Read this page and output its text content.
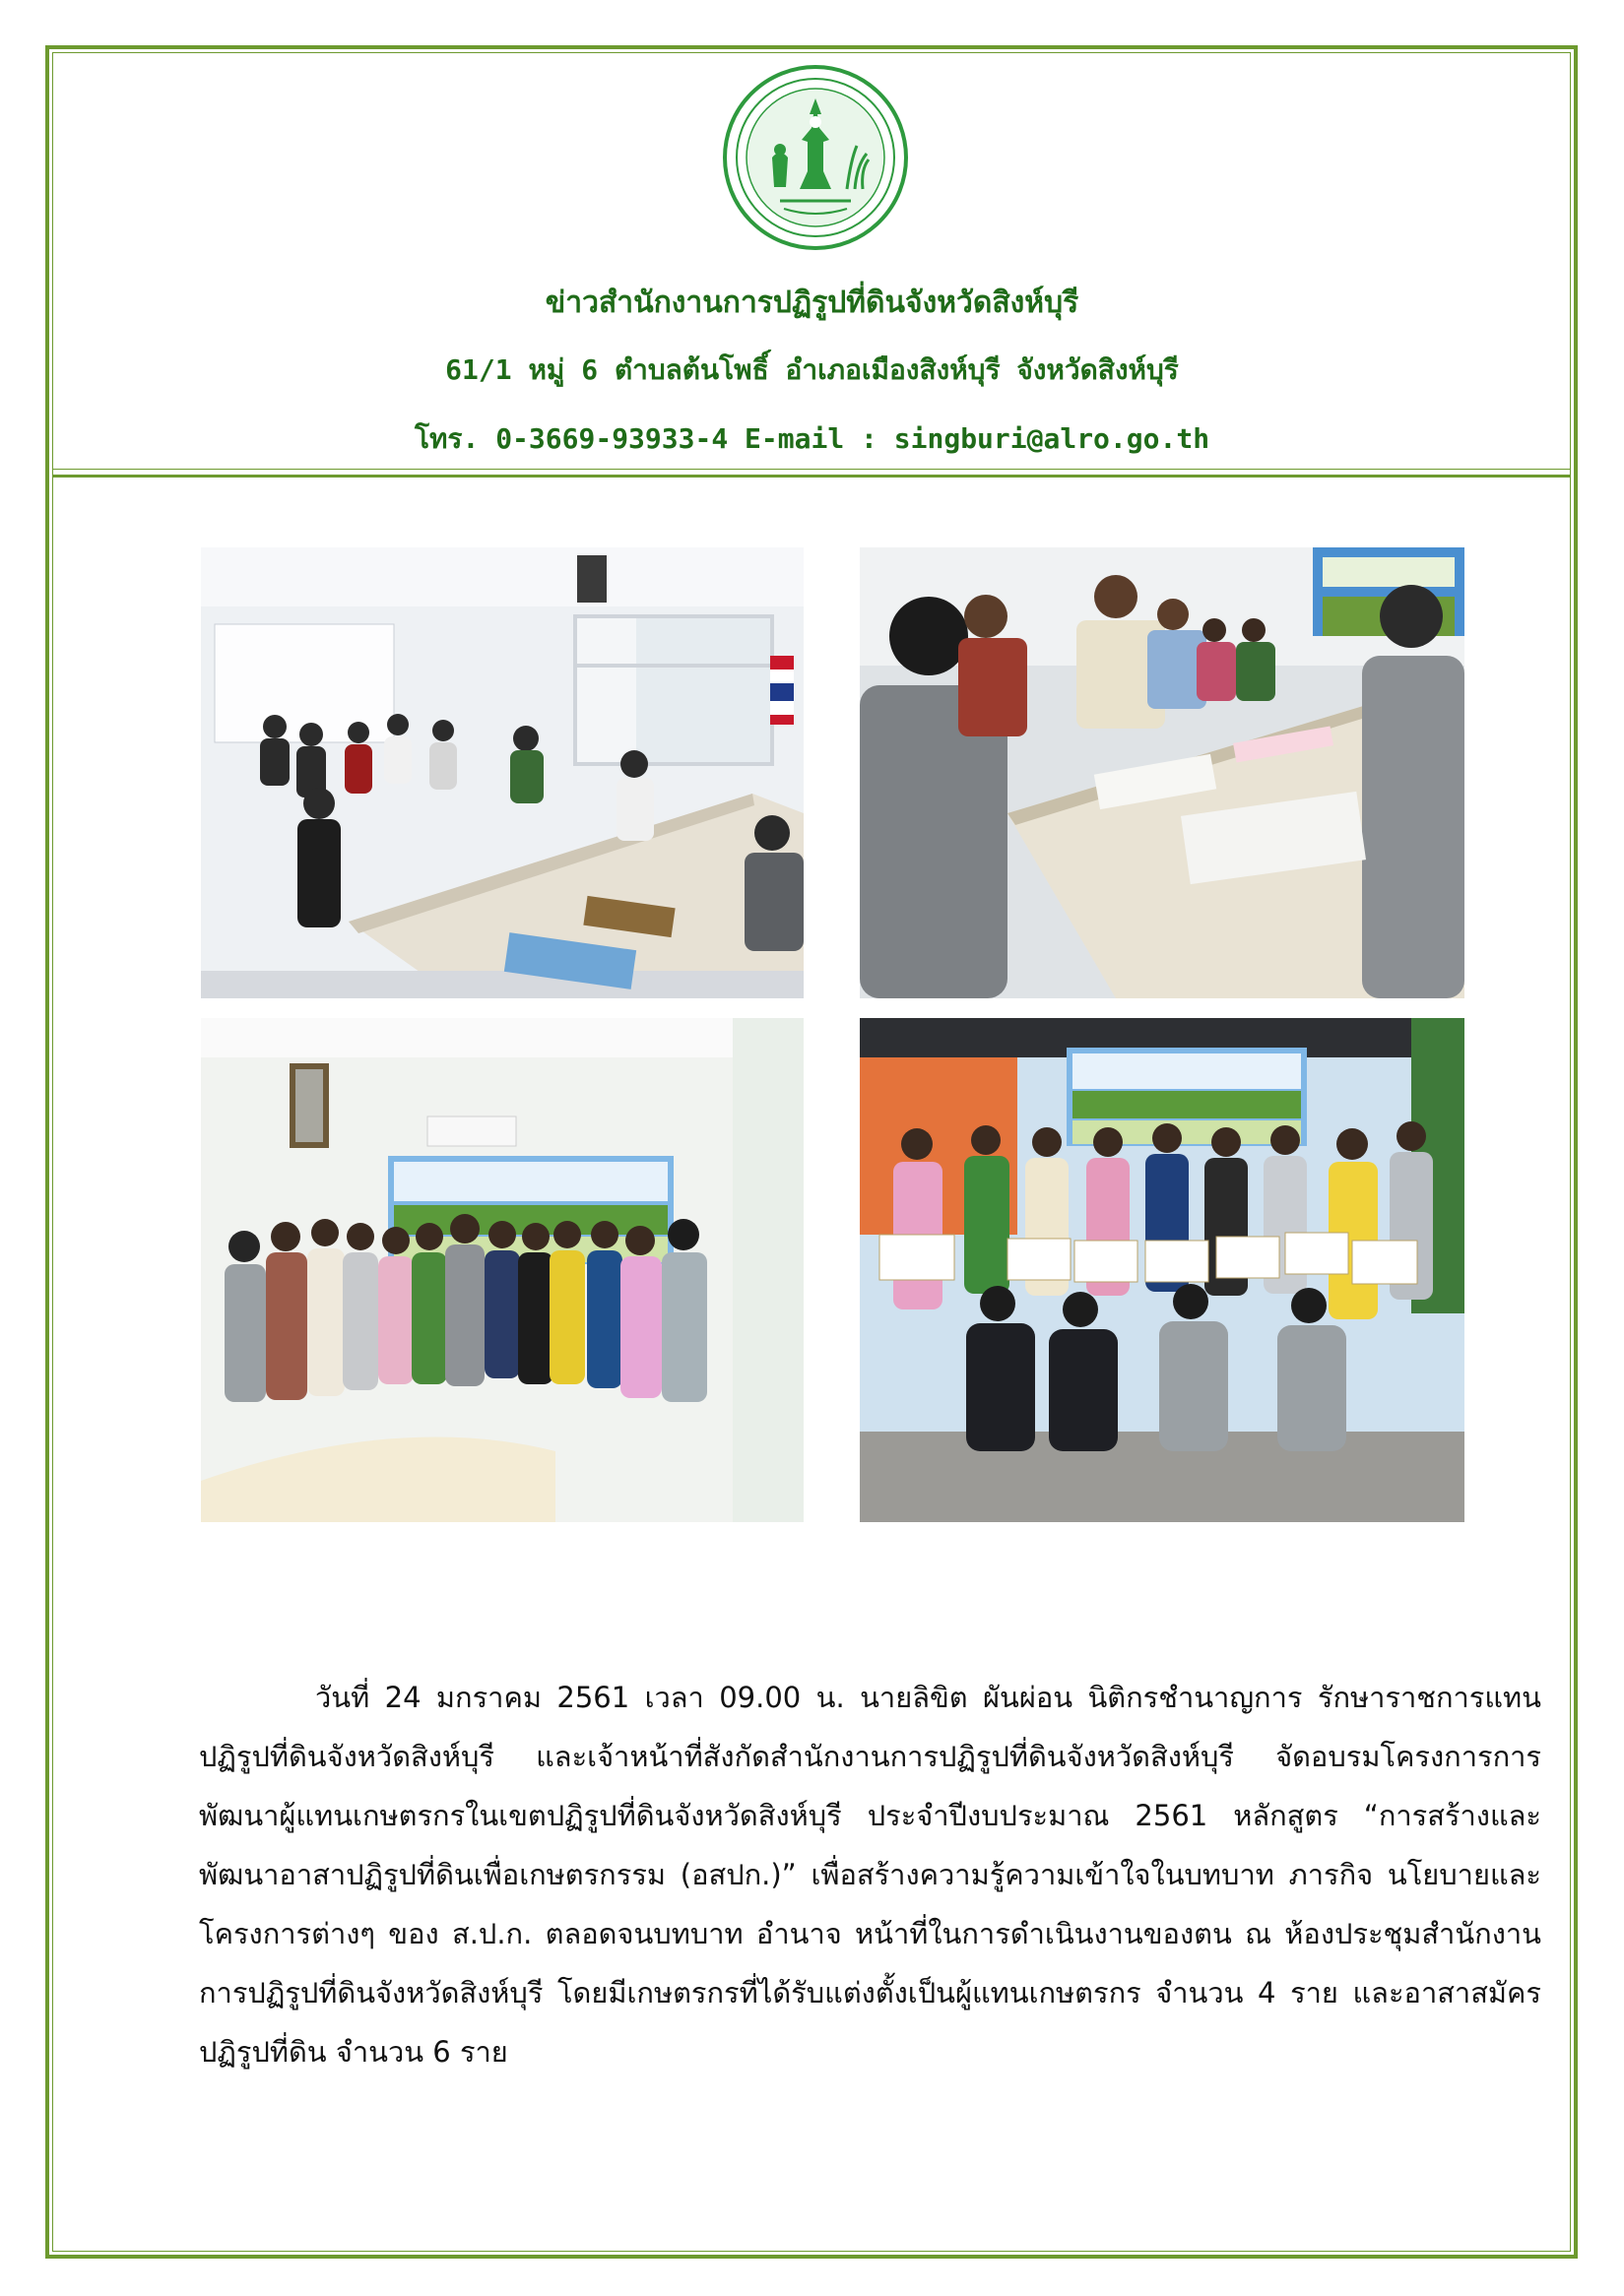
ข่าวสำนักงานการปฏิรูปที่ดินจังหวัดสิงห์บุรี
61/1 หมู่ 6 ตำบลต้นโพธิ์ อำเภอเมืองสิงห์บุรี จังหวัดสิงห์บุรี
โทร. 0-3669-93933-4 E-mail : singburi@alro.go.th
วันที่ 24 มกราคม 2561 เวลา 09.00 น. นายลิขิต ผันผ่อน นิติกรชำนาญการ รักษาราชการแทนปฏิรูปที่ดินจังหวัดสิงห์บุรี และเจ้าหน้าที่สังกัดสำนักงานการปฏิรูปที่ดินจังหวัดสิงห์บุรี จัดอบรมโครงการการพัฒนาผู้แทนเกษตรกรในเขตปฏิรูปที่ดินจังหวัดสิงห์บุรี ประจำปีงบประมาณ 2561 หลักสูตร “การสร้างและพัฒนาอาสาปฏิรูปที่ดินเพื่อเกษตรกรรม (อสปก.)” เพื่อสร้างความรู้ความเข้าใจในบทบาท ภารกิจ นโยบายและโครงการต่างๆ ของ ส.ป.ก. ตลอดจนบทบาท อำนาจ หน้าที่ในการดำเนินงานของตน ณ ห้องประชุมสำนักงานการปฏิรูปที่ดินจังหวัดสิงห์บุรี โดยมีเกษตรกรที่ได้รับแต่งตั้งเป็นผู้แทนเกษตรกร จำนวน 4 ราย และอาสาสมัครปฏิรูปที่ดิน จำนวน 6 ราย
